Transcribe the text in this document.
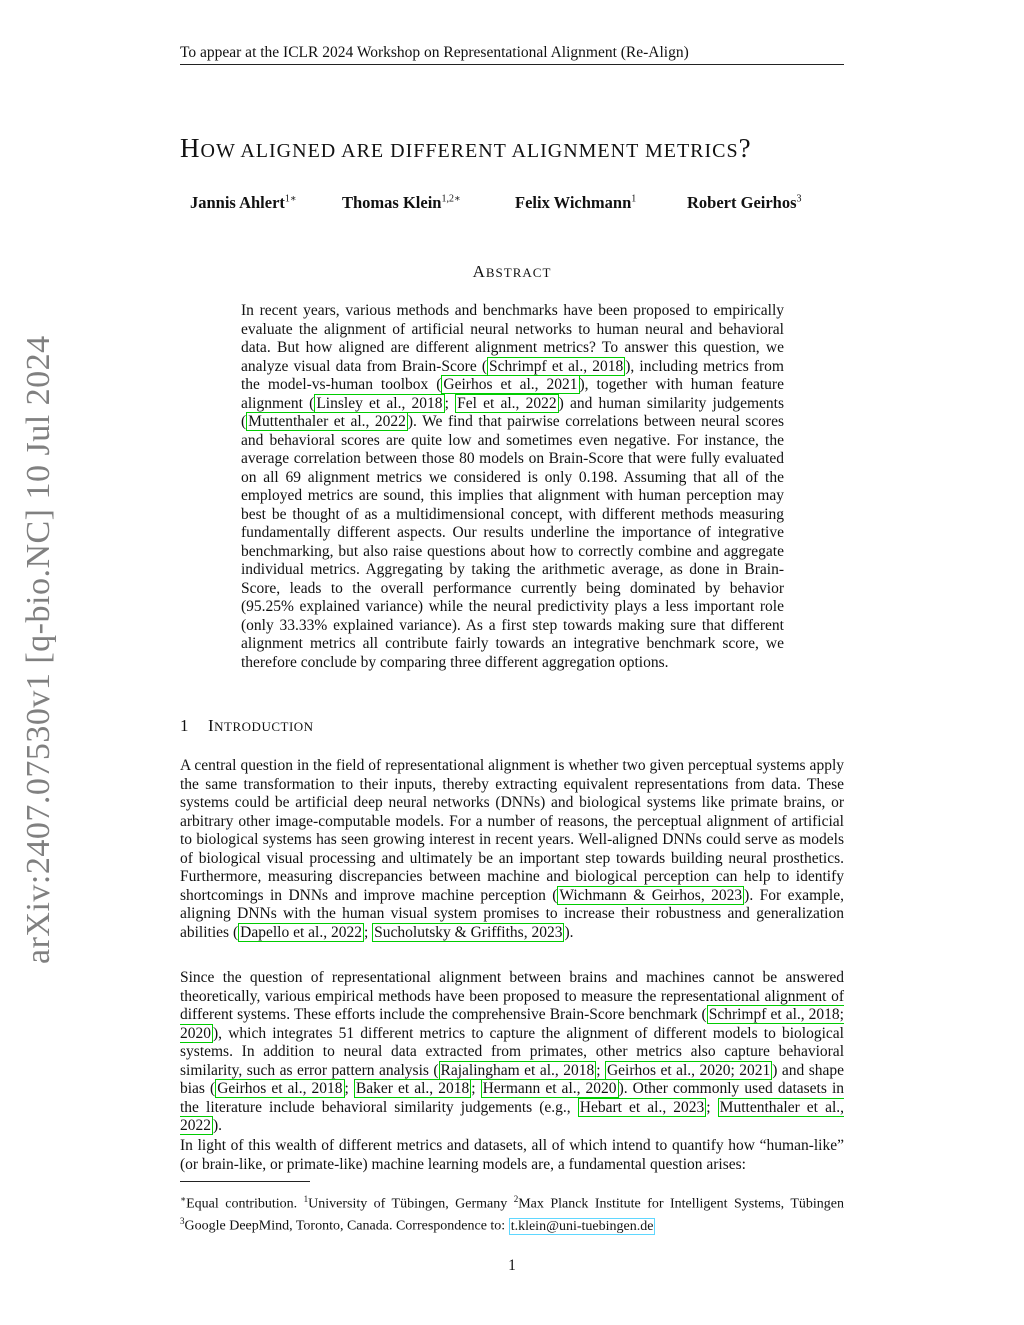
To appear at the ICLR 2024 Workshop on Representational Alignment (Re-Align)
arXiv:2407.07530v1 [q-bio.NC] 10 Jul 2024
HOW ALIGNED ARE DIFFERENT ALIGNMENT METRICS?
Jannis Ahlert$^{1∗}$	Thomas Klein$^{1,2∗}$	Felix Wichmann$^1$	Robert Geirhos$^3$
ABSTRACT
In recent years, various methods and benchmarks have been proposed to empirically evaluate the alignment of artificial neural networks to human neural and behavioral data. But how aligned are different alignment metrics? To answer this question, we analyze visual data from Brain-Score ( Schrimpf et al., 2018 ), including metrics from the model-vs-human toolbox ( Geirhos et al., 2021 ), together with human feature alignment ( Linsley et al., 2018 ; Fel et al., 2022 ) and human similarity judgements ( Muttenthaler et al., 2022 ). We find that pairwise correlations between neural scores and behavioral scores are quite low and sometimes even negative. For instance, the average correlation between those 80 models on Brain-Score that were fully evaluated on all 69 alignment metrics we considered is only 0.198. Assuming that all of the employed metrics are sound, this implies that alignment with human perception may best be thought of as a multidimensional concept, with different methods measuring fundamentally different aspects. Our results underline the importance of integrative benchmarking, but also raise questions about how to correctly combine and aggregate individual metrics. Aggregating by taking the arithmetic average, as done in Brain-Score, leads to the overall performance currently being dominated by behavior (95.25% explained variance) while the neural predictivity plays a less important role (only 33.33% explained variance). As a first step towards making sure that different alignment metrics all contribute fairly towards an integrative benchmark score, we therefore conclude by comparing three different aggregation options.
1 INTRODUCTION

A central question in the field of representational alignment is whether two given perceptual systems apply the same transformation to their inputs, thereby extracting equivalent representations from data. These systems could be artificial deep neural networks (DNNs) and biological systems like primate brains, or arbitrary other image-computable models. For a number of reasons, the perceptual alignment of artificial to biological systems has seen growing interest in recent years. Well-aligned DNNs could serve as models of biological visual processing and ultimately be an important step towards building neural prosthetics. Furthermore, measuring discrepancies between machine and biological perception can help to identify shortcomings in DNNs and improve machine perception ( Wichmann & Geirhos, 2023 ). For example, aligning DNNs with the human visual system promises to increase their robustness and generalization abilities ( Dapello et al., 2022 ; Sucholutsky & Griffiths, 2023 ).

Since the question of representational alignment between brains and machines cannot be answered theoretically, various empirical methods have been proposed to measure the representational alignment of different systems. These efforts include the comprehensive Brain-Score benchmark ( Schrimpf et al., 2018; 2020 ), which integrates 51 different metrics to capture the alignment of different models to biological systems. In addition to neural data extracted from primates, other metrics also capture behavioral similarity, such as error pattern analysis ( Rajalingham et al., 2018 ; Geirhos et al., 2020; 2021 ) and shape bias ( Geirhos et al., 2018 ; Baker et al., 2018 ; Hermann et al., 2020 ). Other commonly used datasets in the literature include behavioral similarity judgements (e.g., Hebart et al., 2023 ; Muttenthaler et al., 2022 ).

In light of this wealth of different metrics and datasets, all of which intend to quantify how “human-like” (or brain-like, or primate-like) machine learning models are, a fundamental question arises:

∗Equal contribution. $^1$University of Tübingen, Germany $^2$Max Planck Institute for Intelligent Systems, Tübingen $^3$Google DeepMind, Toronto, Canada. Correspondence to: t.klein@uni-tuebingen.de
1
